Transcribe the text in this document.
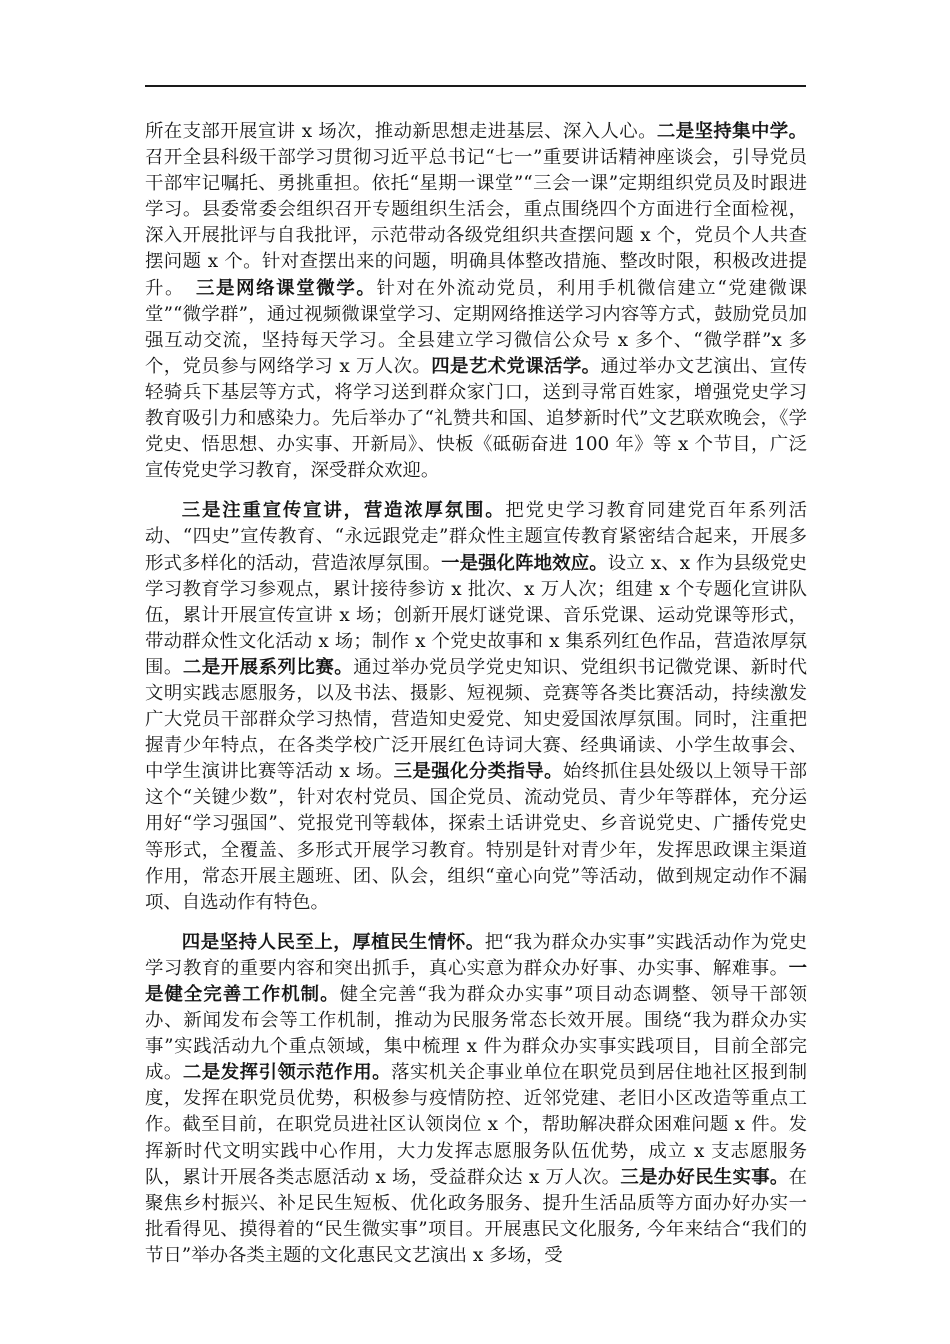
所在支部开展宣讲 x 场次，推动新思想走进基层、深入人心。二是坚持集中学。召开全县科级干部学习贯彻习近平总书记“七一”重要讲话精神座谈会，引导党员干部牢记嘱托、勇挑重担。依托“星期一课堂”“三会一课”定期组织党员及时跟进学习。县委常委会组织召开专题组织生活会，重点围绕四个方面进行全面检视，深入开展批评与自我批评，示范带动各级党组织共查摆问题 x 个，党员个人共查摆问题 x 个。针对查摆出来的问题，明确具体整改措施、整改时限，积极改进提升。　三是网络课堂微学。针对在外流动党员，利用手机微信建立“党建微课堂”“微学群”，通过视频微课堂学习、定期网络推送学习内容等方式，鼓励党员加强互动交流，坚持每天学习。全县建立学习微信公众号 x 多个、“微学群”x 多个，党员参与网络学习 x 万人次。四是艺术党课活学。通过举办文艺演出、宣传轻骑兵下基层等方式，将学习送到群众家门口，送到寻常百姓家，增强党史学习教育吸引力和感染力。先后举办了“礼赞共和国、追梦新时代”文艺联欢晚会，《学党史、悟思想、办实事、开新局》、快板《砥砺奋进 100 年》等 x 个节目，广泛宣传党史学习教育，深受群众欢迎。

三是注重宣传宣讲，营造浓厚氛围。把党史学习教育同建党百年系列活动、“四史”宣传教育、“永远跟党走”群众性主题宣传教育紧密结合起来，开展多形式多样化的活动，营造浓厚氛围。一是强化阵地效应。设立 x、x 作为县级党史学习教育学习参观点，累计接待参访 x 批次、x 万人次；组建 x 个专题化宣讲队伍，累计开展宣传宣讲 x 场；创新开展灯谜党课、音乐党课、运动党课等形式，带动群众性文化活动 x 场；制作 x 个党史故事和 x 集系列红色作品，营造浓厚氛围。二是开展系列比赛。通过举办党员学党史知识、党组织书记微党课、新时代文明实践志愿服务，以及书法、摄影、短视频、竞赛等各类比赛活动，持续激发广大党员干部群众学习热情，营造知史爱党、知史爱国浓厚氛围。同时，注重把握青少年特点，在各类学校广泛开展红色诗词大赛、经典诵读、小学生故事会、中学生演讲比赛等活动 x 场。三是强化分类指导。始终抓住县处级以上领导干部这个“关键少数”，针对农村党员、国企党员、流动党员、青少年等群体，充分运用好“学习强国”、党报党刊等载体，探索土话讲党史、乡音说党史、广播传党史等形式，全覆盖、多形式开展学习教育。特别是针对青少年，发挥思政课主渠道作用，常态开展主题班、团、队会，组织“童心向党”等活动，做到规定动作不漏项、自选动作有特色。

四是坚持人民至上，厚植民生情怀。把“我为群众办实事”实践活动作为党史学习教育的重要内容和突出抓手，真心实意为群众办好事、办实事、解难事。一是健全完善工作机制。健全完善“我为群众办实事”项目动态调整、领导干部领办、新闻发布会等工作机制，推动为民服务常态长效开展。围绕“我为群众办实事”实践活动九个重点领域，集中梳理 x 件为群众办实事实践项目，目前全部完成。二是发挥引领示范作用。落实机关企事业单位在职党员到居住地社区报到制度，发挥在职党员优势，积极参与疫情防控、近邻党建、老旧小区改造等重点工作。截至目前，在职党员进社区认领岗位 x 个，帮助解决群众困难问题 x 件。发挥新时代文明实践中心作用，大力发挥志愿服务队伍优势，成立 x 支志愿服务队，累计开展各类志愿活动 x 场，受益群众达 x 万人次。三是办好民生实事。在聚焦乡村振兴、补足民生短板、优化政务服务、提升生活品质等方面办好办实一批看得见、摸得着的“民生微实事”项目。开展惠民文化服务, 今年来结合“我们的节日”举办各类主题的文化惠民文艺演出 x 多场，受
